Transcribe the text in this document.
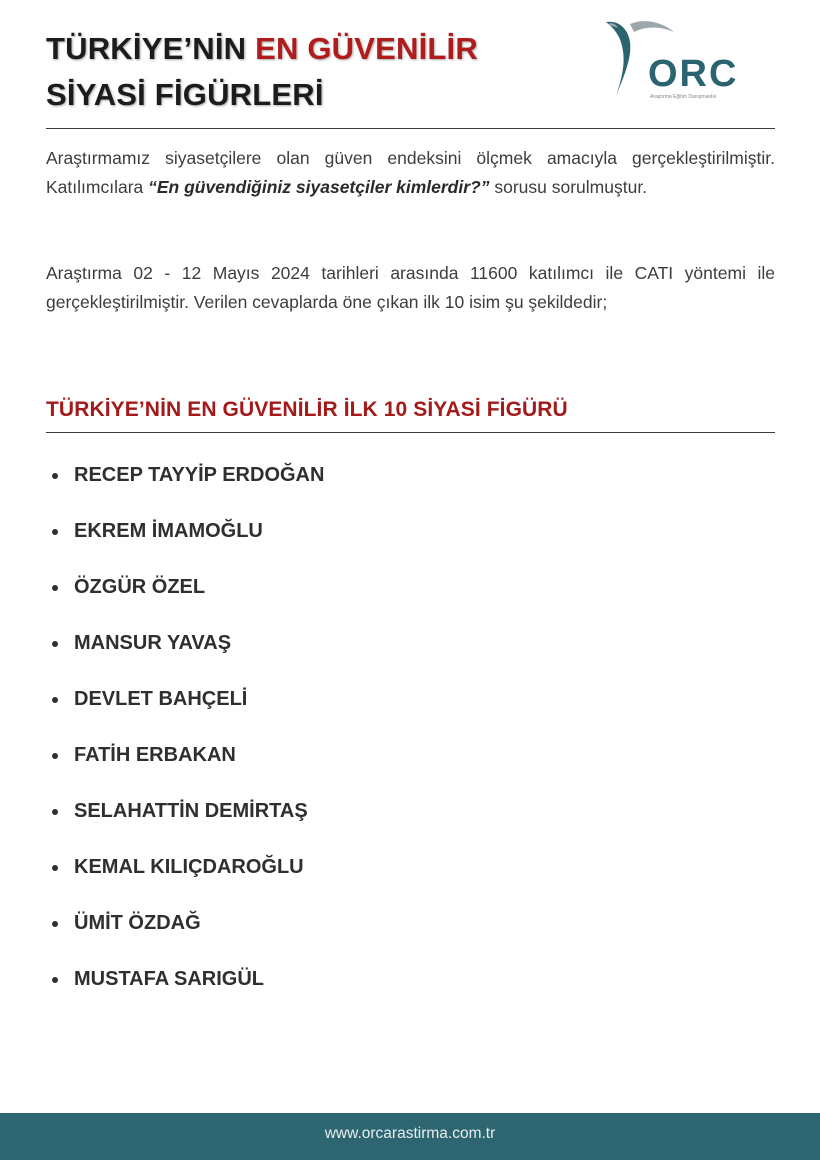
TÜRKİYE’NİN EN GÜVENİLİR
SİYASİ FİGÜRLERİ	ORC
Araştırma Eğitim Danışmanlık

Araştırmamız siyasetçilere olan güven endeksini ölçmek amacıyla gerçekleştirilmiştir. Katılımcılara “En güvendiğiniz siyasetçiler kimlerdir?” sorusu sorulmuştur.

Araştırma 02 - 12 Mayıs 2024 tarihleri arasında 11600 katılımcı ile CATI yöntemi ile gerçekleştirilmiştir. Verilen cevaplarda öne çıkan ilk 10 isim şu şekildedir;

TÜRKİYE’NİN EN GÜVENİLİR İLK 10 SİYASİ FİGÜRÜ
RECEP TAYYİP ERDOĞAN
EKREM İMAMOĞLU
ÖZGÜR ÖZEL
MANSUR YAVAŞ
DEVLET BAHÇELİ
FATİH ERBAKAN
SELAHATTİN DEMİRTAŞ
KEMAL KILIÇDAROĞLU
ÜMİT ÖZDAĞ
MUSTAFA SARIGÜL
www.orcarastirma.com.tr
